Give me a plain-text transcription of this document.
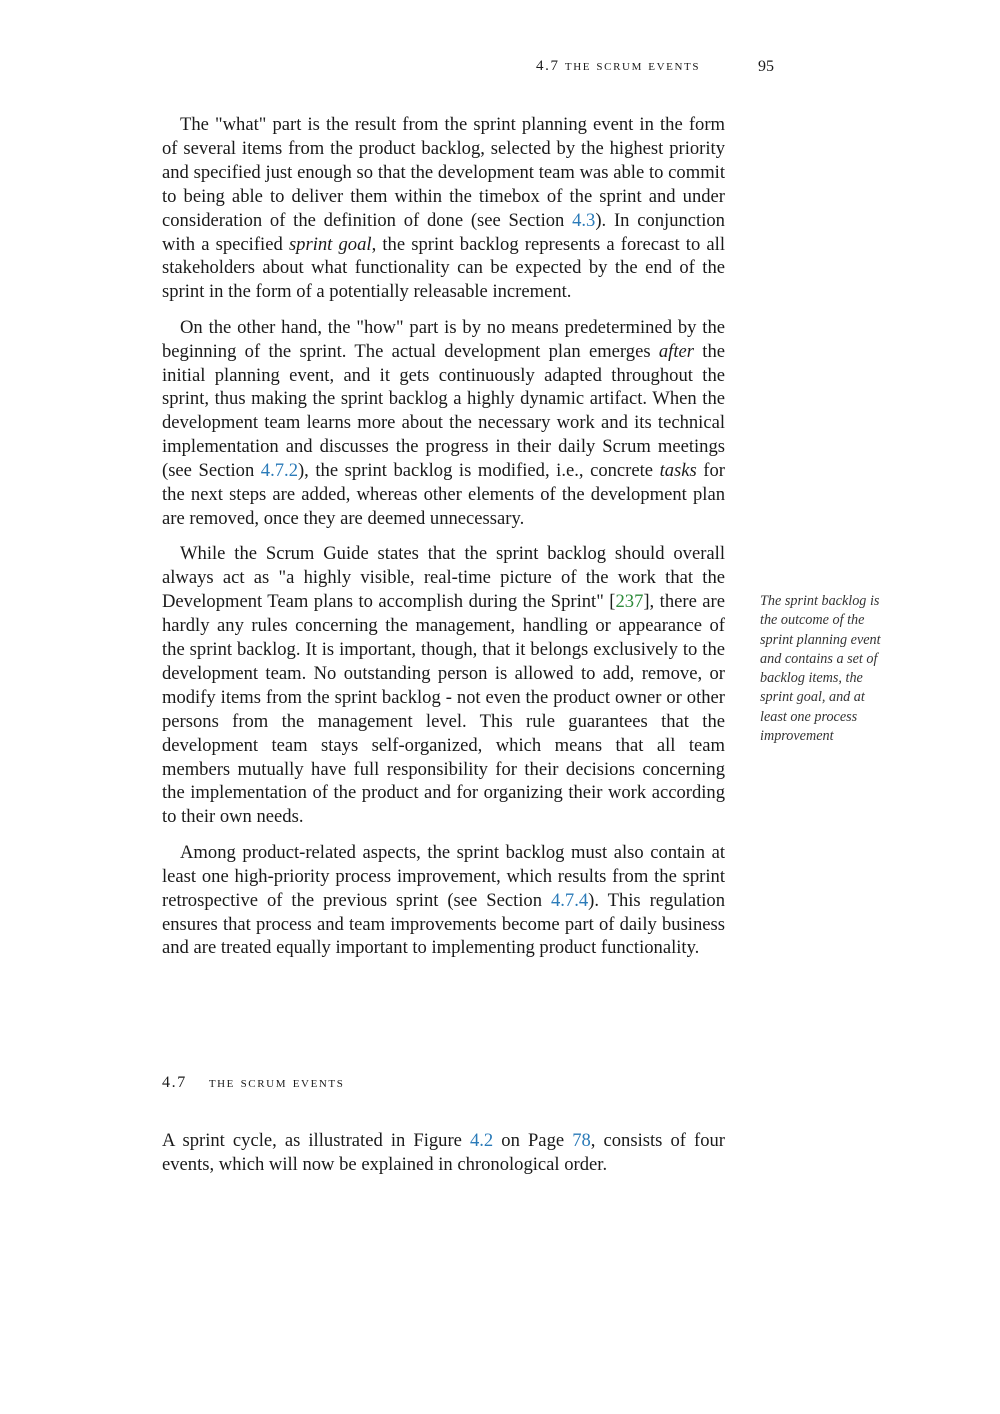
4.7 the scrum events	95

The "what" part is the result from the sprint planning event in the form of several items from the product backlog, selected by the highest priority and specified just enough so that the development team was able to commit to being able to deliver them within the timebox of the sprint and under consideration of the definition of done (see Section 4.3). In conjunction with a specified sprint goal, the sprint backlog represents a forecast to all stakeholders about what functionality can be expected by the end of the sprint in the form of a potentially releasable increment.

On the other hand, the "how" part is by no means predetermined by the beginning of the sprint. The actual development plan emerges after the initial planning event, and it gets continuously adapted throughout the sprint, thus making the sprint backlog a highly dynamic artifact. When the development team learns more about the necessary work and its technical implementation and discusses the progress in their daily Scrum meetings (see Section 4.7.2), the sprint backlog is modified, i.e., concrete tasks for the next steps are added, whereas other elements of the development plan are removed, once they are deemed unnecessary.

While the Scrum Guide states that the sprint backlog should overall always act as "a highly visible, real-time picture of the work that the Development Team plans to accomplish during the Sprint" [237], there are hardly any rules concerning the management, handling or appearance of the sprint backlog. It is important, though, that it belongs exclusively to the development team. No outstanding person is allowed to add, remove, or modify items from the sprint backlog - not even the product owner or other persons from the management level. This rule guarantees that the development team stays self-organized, which means that all team members mutually have full responsibility for their decisions concerning the implementation of the product and for organizing their work according to their own needs.

Among product-related aspects, the sprint backlog must also contain at least one high-priority process improvement, which results from the sprint retrospective of the previous sprint (see Section 4.7.4). This regulation ensures that process and team improvements become part of daily business and are treated equally important to implementing product functionality.

The sprint backlog is the outcome of the sprint planning event and contains a set of backlog items, the sprint goal, and at least one process improvement
4.7 the scrum events

A sprint cycle, as illustrated in Figure 4.2 on Page 78, consists of four events, which will now be explained in chronological order.
